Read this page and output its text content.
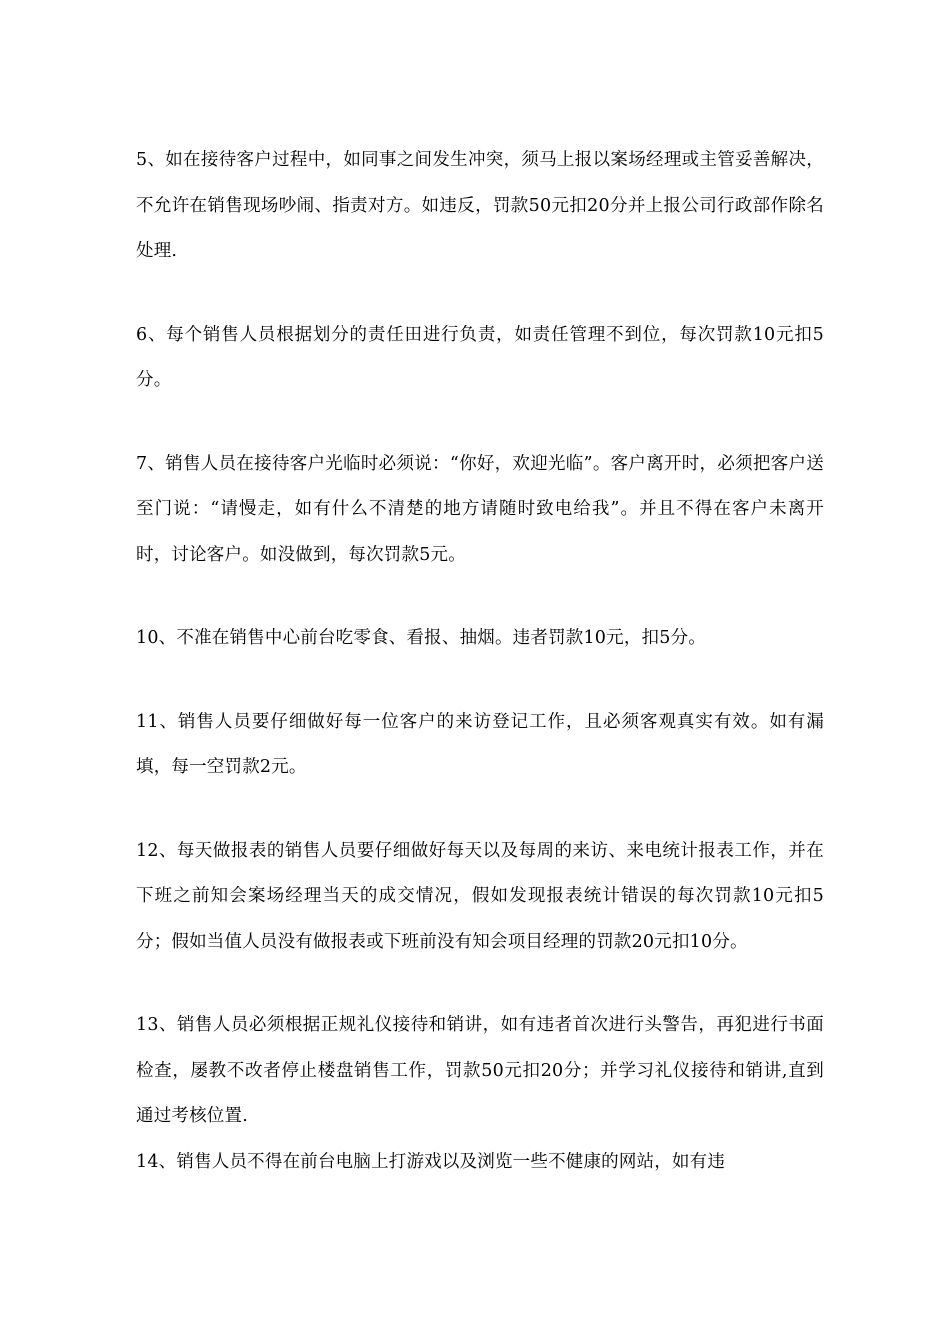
5、如在接待客户过程中，如同事之间发生冲突，须马上报以案场经理或主管妥善解决，不允许在销售现场吵闹、指责对方。如违反，罚款50元扣20分并上报公司行政部作除名处理.

6、每个销售人员根据划分的责任田进行负责，如责任管理不到位，每次罚款10元扣5分。

7、销售人员在接待客户光临时必须说：“你好，欢迎光临”。客户离开时，必须把客户送至门说：“请慢走，如有什么不清楚的地方请随时致电给我”。并且不得在客户未离开时，讨论客户。如没做到，每次罚款5元。

10、不准在销售中心前台吃零食、看报、抽烟。违者罚款10元，扣5分。

11、销售人员要仔细做好每一位客户的来访登记工作，且必须客观真实有效。如有漏填，每一空罚款2元。

12、每天做报表的销售人员要仔细做好每天以及每周的来访、来电统计报表工作，并在下班之前知会案场经理当天的成交情况，假如发现报表统计错误的每次罚款10元扣5分；假如当值人员没有做报表或下班前没有知会项目经理的罚款20元扣10分。

13、销售人员必须根据正规礼仪接待和销讲，如有违者首次进行头警告，再犯进行书面检查，屡教不改者停止楼盘销售工作，罚款50元扣20分；并学习礼仪接待和销讲,直到通过考核位置.

14、销售人员不得在前台电脑上打游戏以及浏览一些不健康的网站，如有违
